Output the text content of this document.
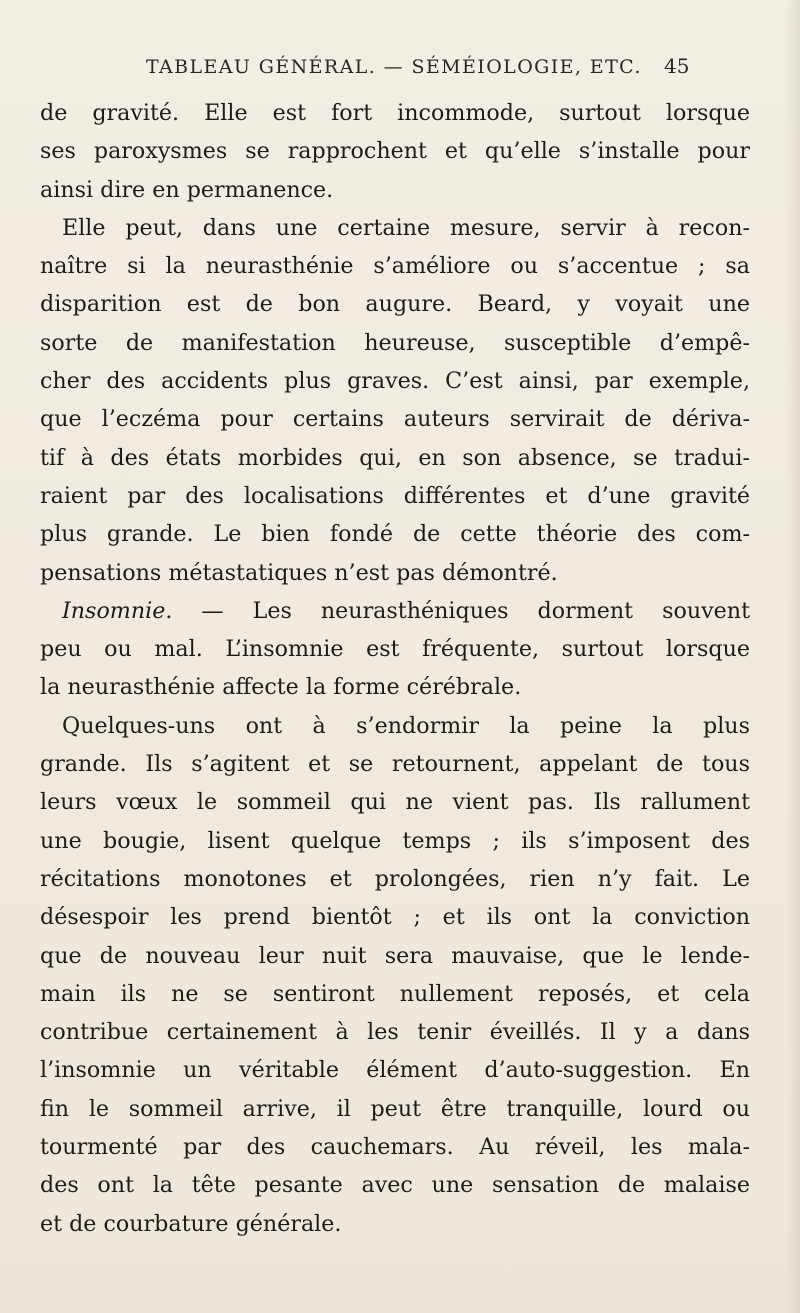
TABLEAU GÉNÉRAL. — SÉMÉIOLOGIE, ETC. 45
de gravité. Elle est fort incommode, surtout lorsque
ses paroxysmes se rapprochent et qu’elle s’installe pour
ainsi dire en permanence.
Elle peut, dans une certaine mesure, servir à recon-
naître si la neurasthénie s’améliore ou s’accentue ; sa
disparition est de bon augure. Beard, y voyait une
sorte de manifestation heureuse, susceptible d’empê-
cher des accidents plus graves. C’est ainsi, par exemple,
que l’eczéma pour certains auteurs servirait de dériva-
tif à des états morbides qui, en son absence, se tradui-
raient par des localisations différentes et d’une gravité
plus grande. Le bien fondé de cette théorie des com-
pensations métastatiques n’est pas démontré.
Insomnie. — Les neurasthéniques dorment souvent
peu ou mal. L’insomnie est fréquente, surtout lorsque
la neurasthénie affecte la forme cérébrale.
Quelques-uns ont à s’endormir la peine la plus
grande. Ils s’agitent et se retournent, appelant de tous
leurs vœux le sommeil qui ne vient pas. Ils rallument
une bougie, lisent quelque temps ; ils s’imposent des
récitations monotones et prolongées, rien n’y fait. Le
désespoir les prend bientôt ; et ils ont la conviction
que de nouveau leur nuit sera mauvaise, que le lende-
main ils ne se sentiront nullement reposés, et cela
contribue certainement à les tenir éveillés. Il y a dans
l’insomnie un véritable élément d’auto-suggestion. En
fin le sommeil arrive, il peut être tranquille, lourd ou
tourmenté par des cauchemars. Au réveil, les mala-
des ont la tête pesante avec une sensation de malaise
et de courbature générale.
